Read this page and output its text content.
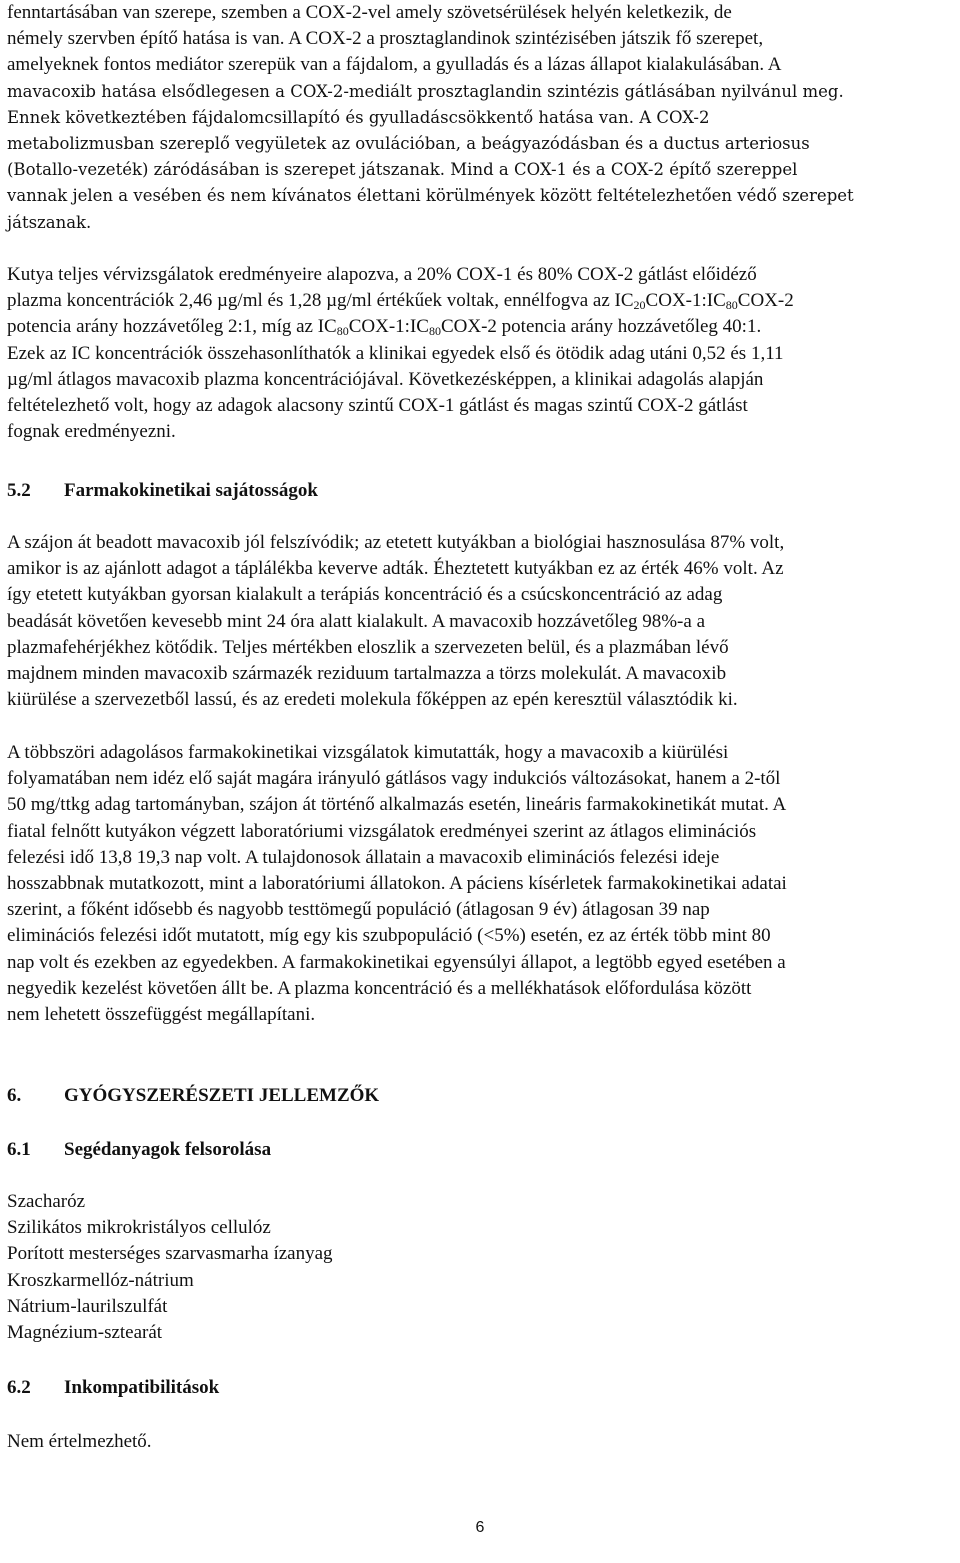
fenntartásában van szerepe, szemben a COX-2-vel amely szövetsérülések helyén keletkezik, de

némely szervben építő hatása is van. A COX-2 a prosztaglandinok szintézisében játszik fő szerepet,

amelyeknek fontos mediátor szerepük van a fájdalom, a gyulladás és a lázas állapot kialakulásában. A

mavacoxib hatása elsődlegesen a COX-2-mediált prosztaglandin szintézis gátlásában nyilvánul meg.

Ennek következtében fájdalomcsillapító és gyulladáscsökkentő hatása van. A COX-2

metabolizmusban szereplő vegyületek az ovulációban, a beágyazódásban és a ductus arteriosus

(Botallo-vezeték) záródásában is szerepet játszanak. Mind a COX-1 és a COX-2 építő szereppel

vannak jelen a vesében és nem kívánatos élettani körülmények között feltételezhetően védő szerepet

játszanak.

Kutya teljes vérvizsgálatok eredményeire alapozva, a 20% COX-1 és 80% COX-2 gátlást előidéző

plazma koncentrációk 2,46 µg/ml és 1,28 µg/ml értékűek voltak, ennélfogva az $IC_{20}COX-1:IC_{80}COX-2$

potencia arány hozzávetőleg 2:1, míg az $IC_{80}COX-1:IC_{80}COX-2$ potencia arány hozzávetőleg 40:1.

Ezek az IC koncentrációk összehasonlíthatók a klinikai egyedek első és ötödik adag utáni 0,52 és 1,11

µg/ml átlagos mavacoxib plazma koncentrációjával. Következésképpen, a klinikai adagolás alapján

feltételezhető volt, hogy az adagok alacsony szintű COX-1 gátlást és magas szintű COX-2 gátlást

fognak eredményezni.

5.2	Farmakokinetikai sajátosságok

A szájon át beadott mavacoxib jól felszívódik; az etetett kutyákban a biológiai hasznosulása 87% volt,

amikor is az ajánlott adagot a táplálékba keverve adták. Éheztetett kutyákban ez az érték 46% volt. Az

így etetett kutyákban gyorsan kialakult a terápiás koncentráció és a csúcskoncentráció az adag

beadását követően kevesebb mint 24 óra alatt kialakult. A mavacoxib hozzávetőleg 98%-a a

plazmafehérjékhez kötődik. Teljes mértékben eloszlik a szervezeten belül, és a plazmában lévő

majdnem minden mavacoxib származék reziduum tartalmazza a törzs molekulát. A mavacoxib

kiürülése a szervezetből lassú, és az eredeti molekula főképpen az epén keresztül választódik ki.

A többszöri adagolásos farmakokinetikai vizsgálatok kimutatták, hogy a mavacoxib a kiürülési

folyamatában nem idéz elő saját magára irányuló gátlásos vagy indukciós változásokat, hanem a 2-től

50 mg/ttkg adag tartományban, szájon át történő alkalmazás esetén, lineáris farmakokinetikát mutat. A

fiatal felnőtt kutyákon végzett laboratóriumi vizsgálatok eredményei szerint az átlagos eliminációs

felezési idő 13,8 19,3 nap volt. A tulajdonosok állatain a mavacoxib eliminációs felezési ideje

hosszabbnak mutatkozott, mint a laboratóriumi állatokon. A páciens kísérletek farmakokinetikai adatai

szerint, a főként idősebb és nagyobb testtömegű populáció (átlagosan 9 év) átlagosan 39 nap

eliminációs felezési időt mutatott, míg egy kis szubpopuláció (<5%) esetén, ez az érték több mint 80

nap volt és ezekben az egyedekben. A farmakokinetikai egyensúlyi állapot, a legtöbb egyed esetében a

negyedik kezelést követően állt be. A plazma koncentráció és a mellékhatások előfordulása között

nem lehetett összefüggést megállapítani.

6.	GYÓGYSZERÉSZETI JELLEMZŐK
6.1	Segédanyagok felsorolása
Szacharóz
Szilikátos mikrokristályos cellulóz
Porított mesterséges szarvasmarha ízanyag
Kroszkarmellóz-nátrium
Nátrium-laurilszulfát
Magnézium-sztearát
6.2	Inkompatibilitások

Nem értelmezhető.

6
